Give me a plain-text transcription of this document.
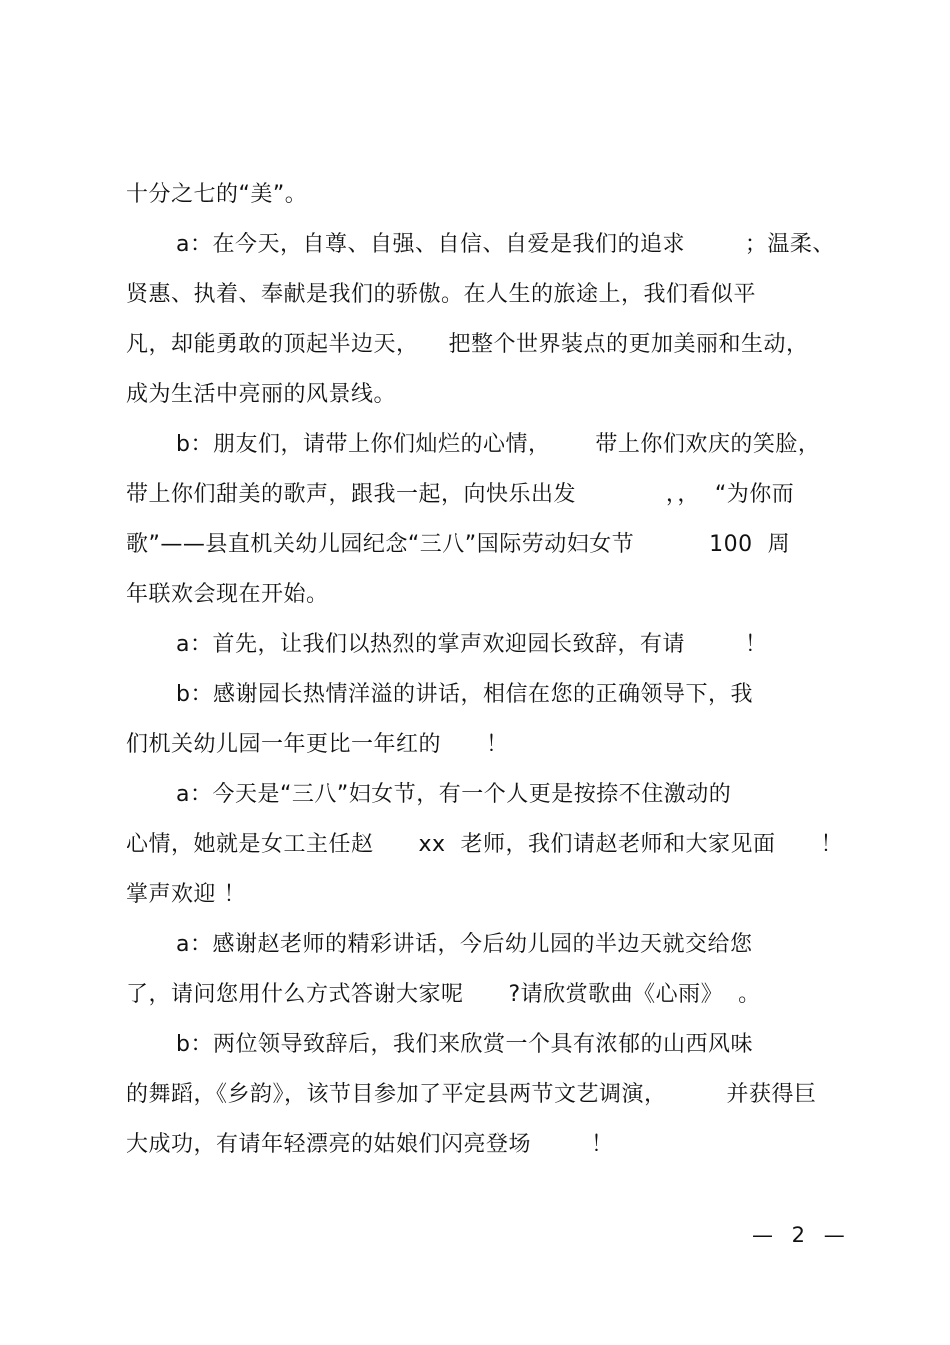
十分之七的“美”。
a：在今天，自尊、自强、自信、自爱是我们的追求        ；温柔、
贤惠、执着、奉献是我们的骄傲。在人生的旅途上，我们看似平
凡，却能勇敢的顶起半边天，    把整个世界装点的更加美丽和生动，
成为生活中亮丽的风景线。
b：朋友们，请带上你们灿烂的心情，      带上你们欢庆的笑脸，
带上你们甜美的歌声，跟我一起，向快乐出发            ，，  “为你而
歌”——县直机关幼儿园纪念“三八”国际劳动妇女节          100  周
年联欢会现在开始。
a：首先，让我们以热烈的掌声欢迎园长致辞，有请        ！
b：感谢园长热情洋溢的讲话，相信在您的正确领导下，我
们机关幼儿园一年更比一年红的      ！
a：今天是“三八”妇女节，有一个人更是按捺不住激动的
心情，她就是女工主任赵      xx  老师，我们请赵老师和大家见面      ！
掌声欢迎 ！
a：感谢赵老师的精彩讲话，今后幼儿园的半边天就交给您
了，请问您用什么方式答谢大家呢      ?请欣赏歌曲《心雨》  。
b：两位领导致辞后，我们来欣赏一个具有浓郁的山西风味
的舞蹈，《乡韵》，该节目参加了平定县两节文艺调演，        并获得巨
大成功，有请年轻漂亮的姑娘们闪亮登场        ！
— 2 —
